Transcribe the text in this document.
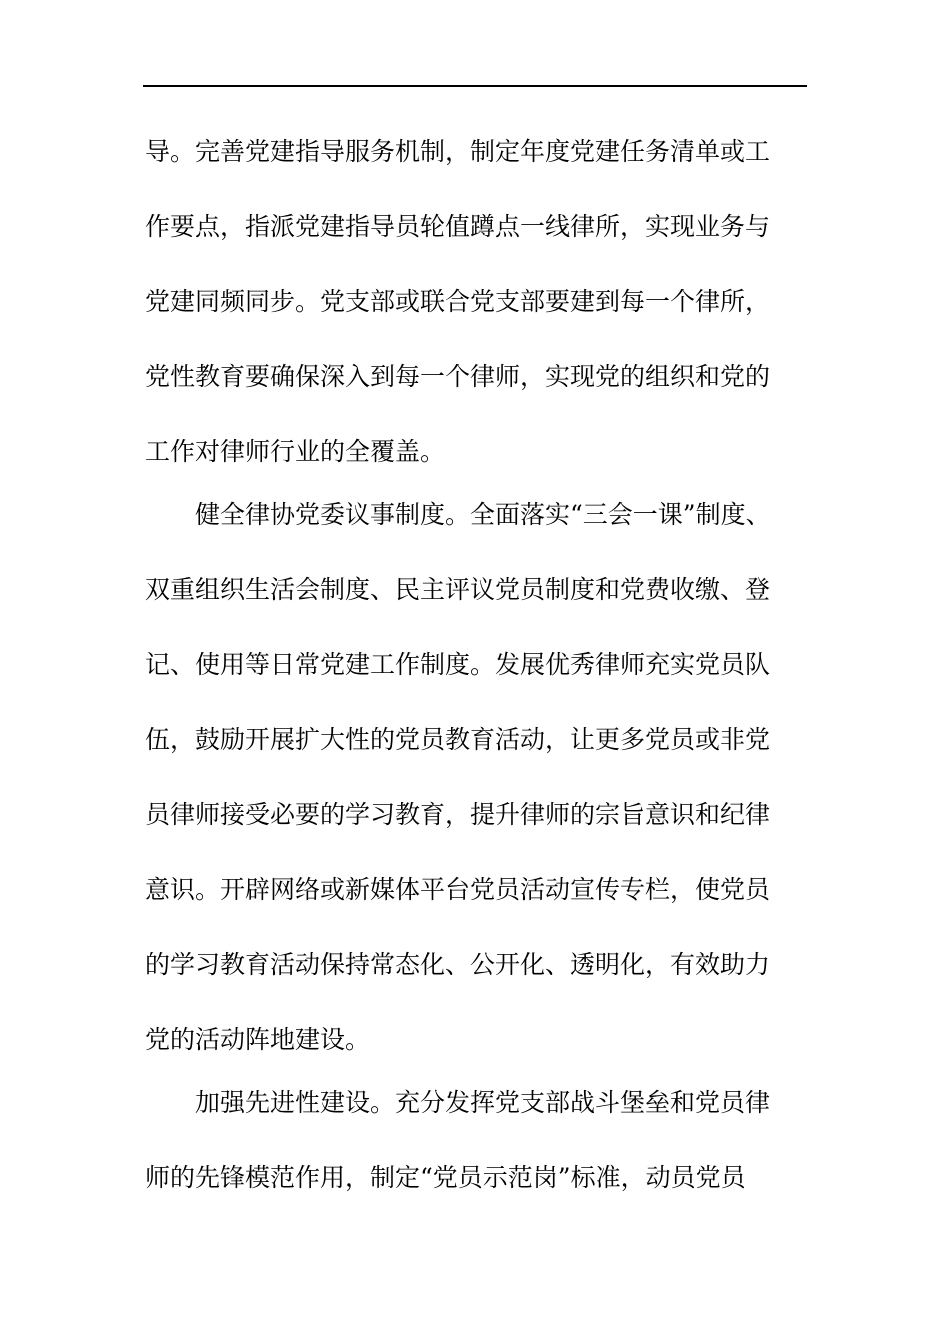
导。完善党建指导服务机制，制定年度党建任务清单或工
作要点，指派党建指导员轮值蹲点一线律所，实现业务与
党建同频同步。党支部或联合党支部要建到每一个律所，
党性教育要确保深入到每一个律师，实现党的组织和党的
工作对律师行业的全覆盖。
健全律协党委议事制度。全面落实“三会一课”制度、
双重组织生活会制度、民主评议党员制度和党费收缴、登
记、使用等日常党建工作制度。发展优秀律师充实党员队
伍，鼓励开展扩大性的党员教育活动，让更多党员或非党
员律师接受必要的学习教育，提升律师的宗旨意识和纪律
意识。开辟网络或新媒体平台党员活动宣传专栏，使党员
的学习教育活动保持常态化、公开化、透明化，有效助力
党的活动阵地建设。
加强先进性建设。充分发挥党支部战斗堡垒和党员律
师的先锋模范作用，制定“党员示范岗”标准，动员党员
